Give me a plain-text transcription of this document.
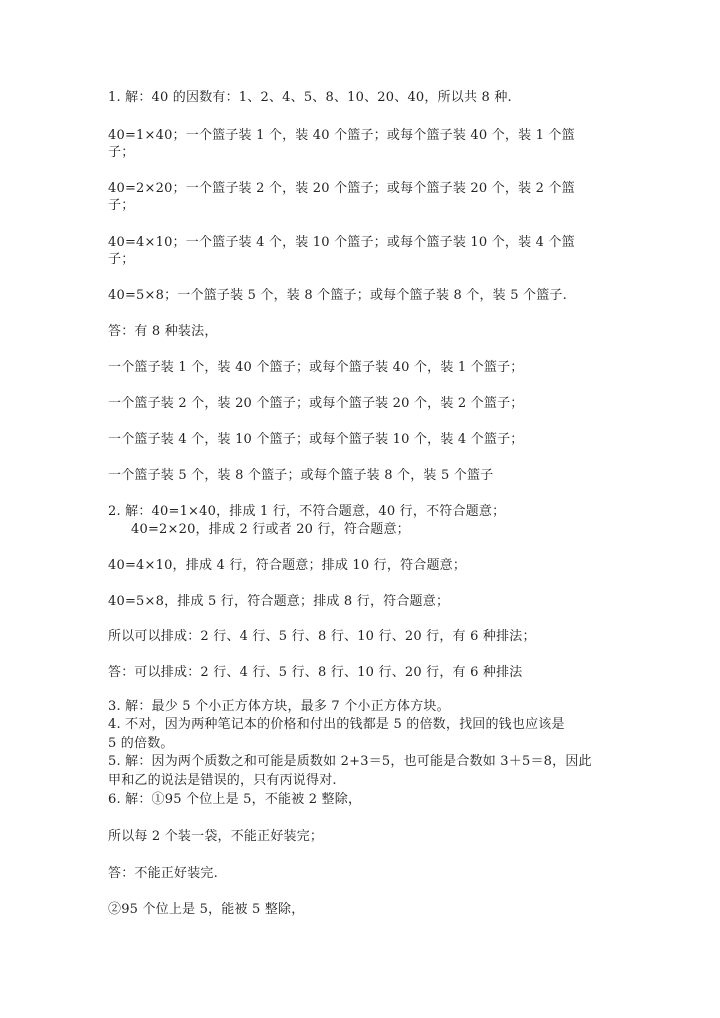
1. 解：40 的因数有：1、2、4、5、8、10、20、40，所以共 8 种.
40=1×40；一个篮子装 1 个，装 40 个篮子；或每个篮子装 40 个，装 1 个篮
子；
40=2×20；一个篮子装 2 个，装 20 个篮子；或每个篮子装 20 个，装 2 个篮
子；
40=4×10；一个篮子装 4 个，装 10 个篮子；或每个篮子装 10 个，装 4 个篮
子；
40=5×8；一个篮子装 5 个，装 8 个篮子；或每个篮子装 8 个，装 5 个篮子.
答：有 8 种装法，
一个篮子装 1 个，装 40 个篮子；或每个篮子装 40 个，装 1 个篮子；
一个篮子装 2 个，装 20 个篮子；或每个篮子装 20 个，装 2 个篮子；
一个篮子装 4 个，装 10 个篮子；或每个篮子装 10 个，装 4 个篮子；
一个篮子装 5 个，装 8 个篮子；或每个篮子装 8 个，装 5 个篮子
2. 解：40=1×40，排成 1 行，不符合题意，40 行，不符合题意；
40=2×20，排成 2 行或者 20 行，符合题意；
40=4×10，排成 4 行，符合题意；排成 10 行，符合题意；
40=5×8，排成 5 行，符合题意；排成 8 行，符合题意；
所以可以排成：2 行、4 行、5 行、8 行、10 行、20 行，有 6 种排法；
答：可以排成：2 行、4 行、5 行、8 行、10 行、20 行，有 6 种排法
3. 解：最少 5 个小正方体方块，最多 7 个小正方体方块。
4. 不对，因为两种笔记本的价格和付出的钱都是 5 的倍数，找回的钱也应该是
5 的倍数。
5. 解：因为两个质数之和可能是质数如 2+3＝5，也可能是合数如 3＋5＝8，因此
甲和乙的说法是错误的，只有丙说得对.
6. 解：①95 个位上是 5，不能被 2 整除，
所以每 2 个装一袋，不能正好装完；
答：不能正好装完.
②95 个位上是 5，能被 5 整除，
